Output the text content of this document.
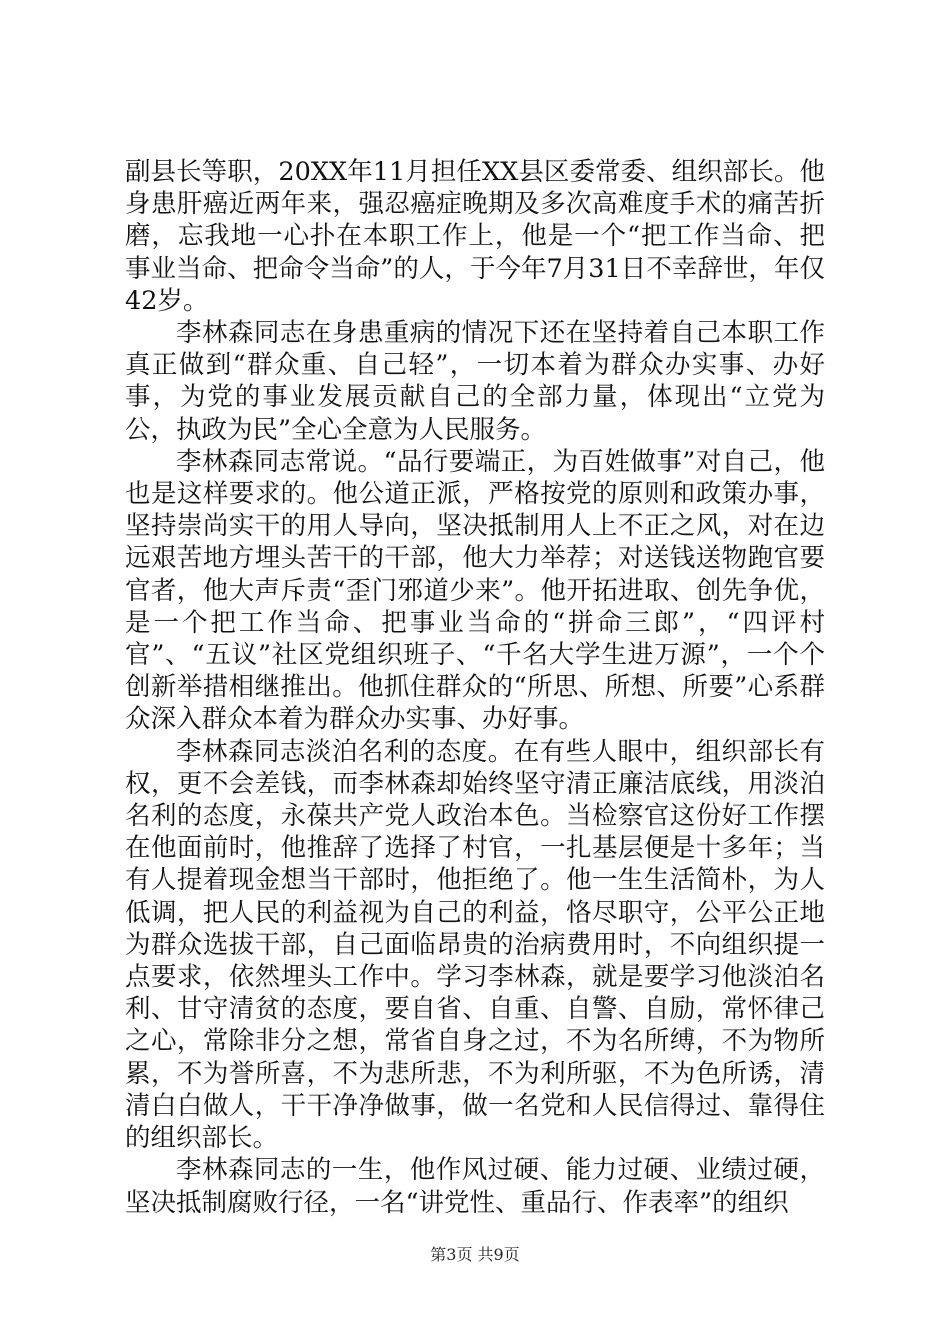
副县长等职，20XX年11月担任XX县区委常委、组织部长。他身患肝癌近两年来，强忍癌症晚期及多次高难度手术的痛苦折磨，忘我地一心扑在本职工作上，他是一个“把工作当命、把事业当命、把命令当命”的人，于今年7月31日不幸辞世，年仅42岁。

李林森同志在身患重病的情况下还在坚持着自己本职工作真正做到“群众重、自己轻”，一切本着为群众办实事、办好事，为党的事业发展贡献自己的全部力量，体现出“立党为公，执政为民”全心全意为人民服务。

李林森同志常说。“品行要端正，为百姓做事”对自己，他也是这样要求的。他公道正派，严格按党的原则和政策办事，坚持崇尚实干的用人导向，坚决抵制用人上不正之风，对在边远艰苦地方埋头苦干的干部，他大力举荐；对送钱送物跑官要官者，他大声斥责“歪门邪道少来”。他开拓进取、创先争优，是一个把工作当命、把事业当命的“拼命三郎”，“四评村官”、“五议”社区党组织班子、“千名大学生进万源”，一个个创新举措相继推出。他抓住群众的“所思、所想、所要”心系群众深入群众本着为群众办实事、办好事。

李林森同志淡泊名利的态度。在有些人眼中，组织部长有权，更不会差钱，而李林森却始终坚守清正廉洁底线，用淡泊名利的态度，永葆共产党人政治本色。当检察官这份好工作摆在他面前时，他推辞了选择了村官，一扎基层便是十多年；当有人提着现金想当干部时，他拒绝了。他一生生活简朴，为人低调，把人民的利益视为自己的利益，恪尽职守，公平公正地为群众选拔干部，自己面临昂贵的治病费用时，不向组织提一点要求，依然埋头工作中。学习李林森，就是要学习他淡泊名利、甘守清贫的态度，要自省、自重、自警、自励，常怀律己之心，常除非分之想，常省自身之过，不为名所缚，不为物所累，不为誉所喜，不为悲所悲，不为利所驱，不为色所诱，清清白白做人，干干净净做事，做一名党和人民信得过、靠得住的组织部长。

李林森同志的一生，他作风过硬、能力过硬、业绩过硬，坚决抵制腐败行径，一名“讲党性、重品行、作表率”的组织

第3页 共9页
